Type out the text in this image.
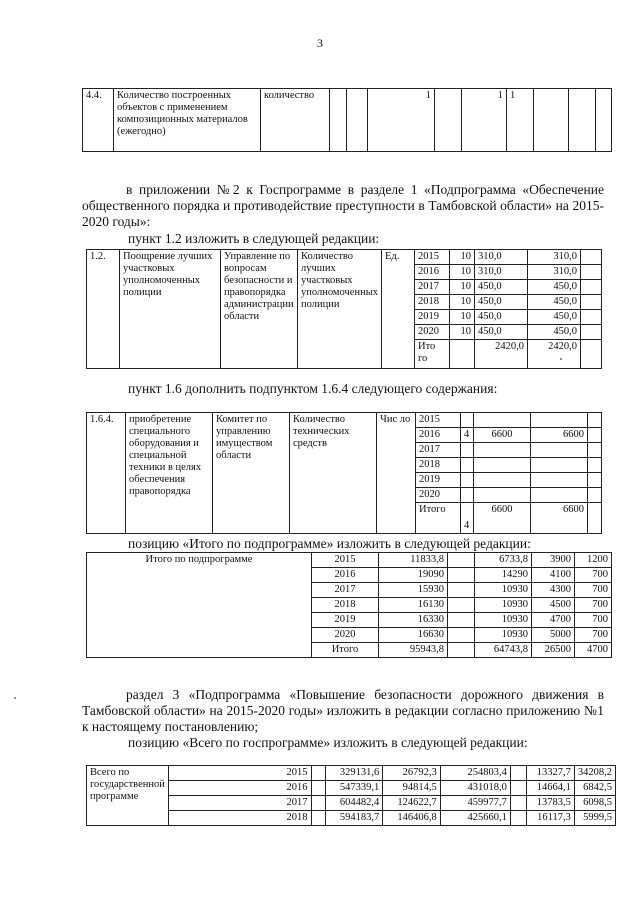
3
4.4.	Количество построенных объектов с применением композиционных материалов (ежегодно)	количество			1		1	1			
в приложении №2 к Госпрограмме в разделе 1 «Подпрограмма «Обеспечение общественного порядка и противодействие преступности в Тамбовской области» на 2015-2020 годы»:
пункт 1.2 изложить в следующей редакции:
1.2.	Поощрение лучших участковых уполномоченных полиции	Управление по вопросам безопасности и правопорядка администрации области	Количество лучших участковых уполномоченных полиции	Ед.	2015	10	310,0	310,0	
					2016	10	310,0	310,0	
					2017	10	450,0	450,0	
					2018	10	450,0	450,0	
					2019	10	450,0	450,0	
					2020	10	450,0	450,0	
					Ито го		2420,0	2420,0	
пункт 1.6 дополнить подпунктом 1.6.4 следующего содержания:
1.6.4.	приобретение специального оборудования и специальной техники в целях обеспечения правопорядка	Комитет по управлению имуществом области	Количество технических средств	Чис ло	2015				
					2016	4	6600	6600	
					2017				
					2018				
					2019				
					2020				
					Итого	4	6600	6600	
позицию «Итого по подпрограмме» изложить в следующей редакции:
Итого по подпрограмме	2015	11833,8		6733,8	3900	1200
	2016	19090		14290	4100	700
	2017	15930		10930	4300	700
	2018	16130		10930	4500	700
	2019	16330		10930	4700	700
	2020	16630		10930	5000	700
	Итого	95943,8		64743,8	26500	4700
раздел 3 «Подпрограмма «Повышение безопасности дорожного движения в Тамбовской области» на 2015-2020 годы» изложить в редакции согласно приложению №1 к настоящему постановлению;
позицию «Всего по госпрограмме» изложить в следующей редакции:
Всего по государственной программе	2015		329131,6	26792,3	254803,4		13327,7	34208,2
	2016		547339,1	94814,5	431018,0		14664,1	6842,5
	2017		604482,4	124622,7	459977,7		13783,5	6098,5
	2018		594183,7	146406,8	425660,1		16117,3	5999,5
